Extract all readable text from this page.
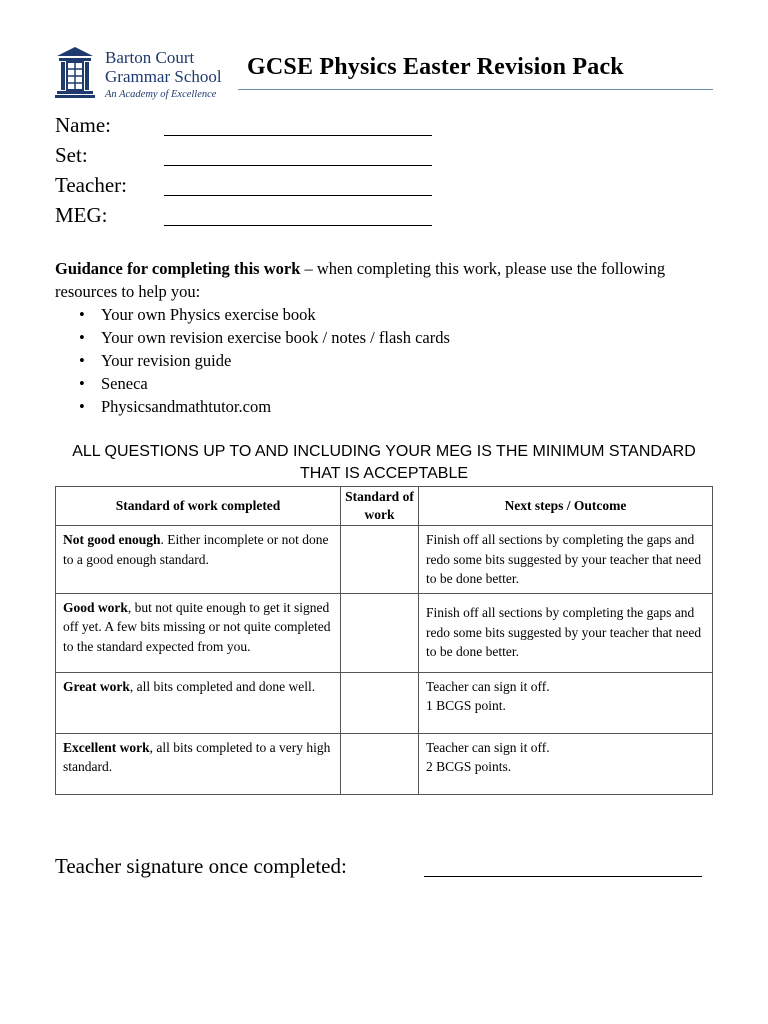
Barton Court
Grammar School
An Academy of Excellence
GCSE Physics Easter Revision Pack
Name:
Set:
Teacher:
MEG:

Guidance for completing this work – when completing this work, please use the following resources to help you:

• Your own Physics exercise book
• Your own revision exercise book / notes / flash cards
• Your revision guide
• Seneca
• Physicsandmathtutor.com
ALL QUESTIONS UP TO AND INCLUDING YOUR MEG IS THE MINIMUM STANDARD THAT IS ACCEPTABLE
Standard of work completed	Standard of work	Next steps / Outcome
Not good enough. Either incomplete or not done to a good enough standard.		Finish off all sections by completing the gaps and redo some bits suggested by your teacher that need to be done better.
Good work, but not quite enough to get it signed off yet. A few bits missing or not quite completed to the standard expected from you.		Finish off all sections by completing the gaps and redo some bits suggested by your teacher that need to be done better.
Great work, all bits completed and done well.		Teacher can sign it off.
1 BCGS point.
Excellent work, all bits completed to a very high standard.		Teacher can sign it off.
2 BCGS points.
Teacher signature once completed:
